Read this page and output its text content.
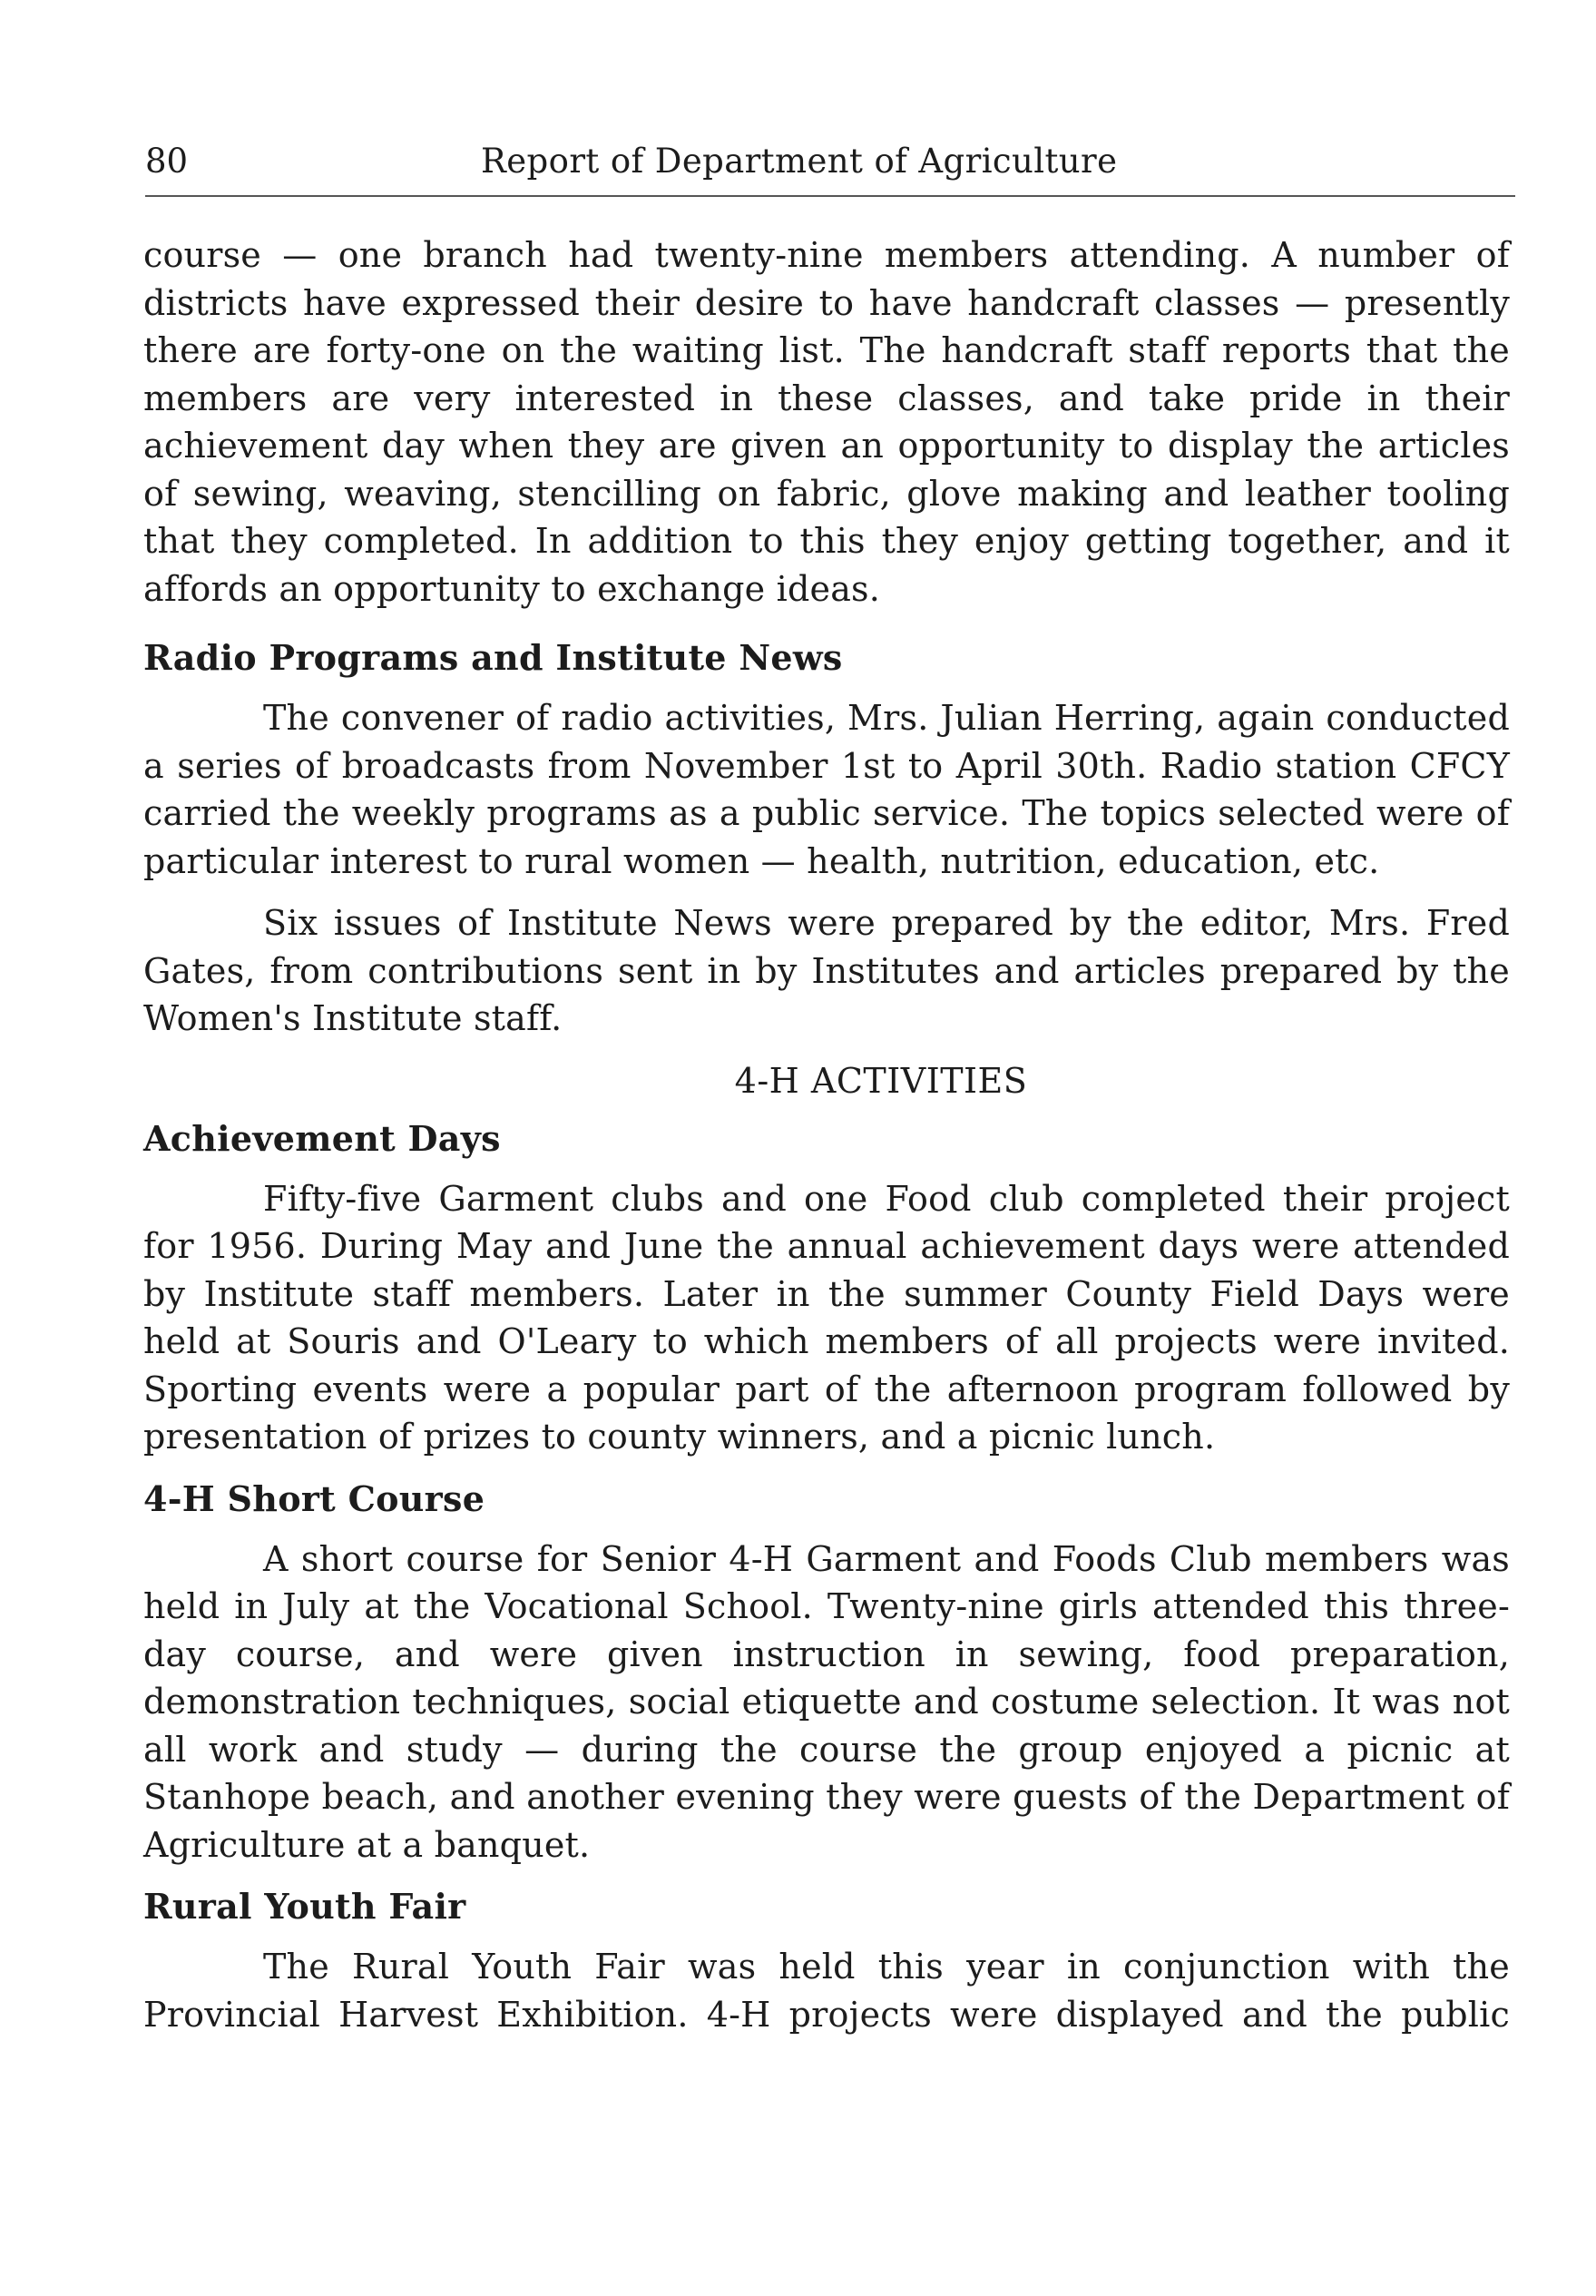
80	Report of Department of Agriculture

course — one branch had twenty-nine members attending. A number of districts have expressed their desire to have handcraft classes — presently there are forty-one on the waiting list. The handcraft staff reports that the members are very interested in these classes, and take pride in their achievement day when they are given an opportunity to display the articles of sewing, weaving, stencilling on fabric, glove making and leather tooling that they completed. In addition to this they enjoy getting together, and it affords an opportunity to exchange ideas.

Radio Programs and Institute News

The convener of radio activities, Mrs. Julian Herring, again conducted a series of broadcasts from November 1st to April 30th. Radio station CFCY carried the weekly programs as a public service. The topics selected were of particular interest to rural women — health, nutrition, education, etc.

Six issues of Institute News were prepared by the editor, Mrs. Fred Gates, from contributions sent in by Institutes and articles prepared by the Women's Institute staff.

4-H ACTIVITIES
Achievement Days

Fifty-five Garment clubs and one Food club completed their project for 1956. During May and June the annual achievement days were attended by Institute staff members. Later in the summer County Field Days were held at Souris and O'Leary to which members of all projects were invited. Sporting events were a popular part of the afternoon program followed by presentation of prizes to county winners, and a picnic lunch.

4-H Short Course

A short course for Senior 4-H Garment and Foods Club members was held in July at the Vocational School. Twenty-nine girls attended this three-day course, and were given instruction in sewing, food preparation, demonstration techniques, social etiquette and costume selection. It was not all work and study — during the course the group enjoyed a picnic at Stanhope beach, and another evening they were guests of the Department of Agriculture at a banquet.

Rural Youth Fair

The Rural Youth Fair was held this year in conjunction with the Provincial Harvest Exhibition. 4-H projects were displayed and the public
